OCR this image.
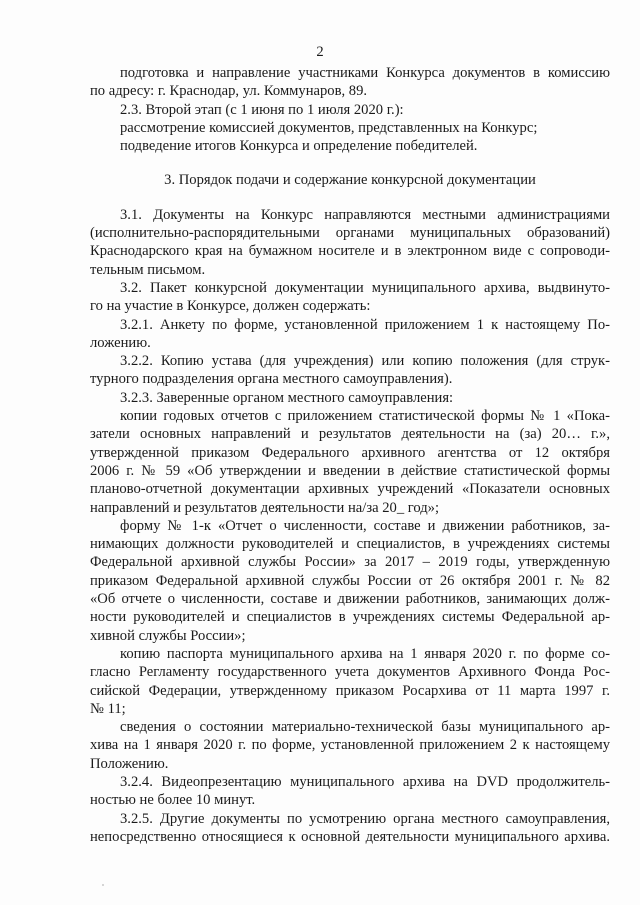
2
подготовка и направление участниками Конкурса документов в комиссию
по адресу: г. Краснодар, ул. Коммунаров, 89.
2.3. Второй этап (с 1 июня по 1 июля 2020 г.):
рассмотрение комиссией документов, представленных на Конкурс;
подведение итогов Конкурса и определение победителей.
3. Порядок подачи и содержание конкурсной документации
3.1. Документы на Конкурс направляются местными администрациями
(исполнительно-распорядительными органами муниципальных образований)
Краснодарского края на бумажном носителе и в электронном виде с сопроводи-
тельным письмом.
3.2. Пакет конкурсной документации муниципального архива, выдвинуто-
го на участие в Конкурсе, должен содержать:
3.2.1. Анкету по форме, установленной приложением 1 к настоящему По-
ложению.
3.2.2. Копию устава (для учреждения) или копию положения (для струк-
турного подразделения органа местного самоуправления).
3.2.3. Заверенные органом местного самоуправления:
копии годовых отчетов с приложением статистической формы № 1 «Пока-
затели основных направлений и результатов деятельности на (за) 20… г.»,
утвержденной приказом Федерального архивного агентства от 12 октября
2006 г. № 59 «Об утверждении и введении в действие статистической формы
планово-отчетной документации архивных учреждений «Показатели основных
направлений и результатов деятельности на/за 20_ год»;
форму № 1-к «Отчет о численности, составе и движении работников, за-
нимающих должности руководителей и специалистов, в учреждениях системы
Федеральной архивной службы России» за 2017 – 2019 годы, утвержденную
приказом Федеральной архивной службы России от 26 октября 2001 г. № 82
«Об отчете о численности, составе и движении работников, занимающих долж-
ности руководителей и специалистов в учреждениях системы Федеральной ар-
хивной службы России»;
копию паспорта муниципального архива на 1 января 2020 г. по форме со-
гласно Регламенту государственного учета документов Архивного Фонда Рос-
сийской Федерации, утвержденному приказом Росархива от 11 марта 1997 г.
№ 11;
сведения о состоянии материально-технической базы муниципального ар-
хива на 1 января 2020 г. по форме, установленной приложением 2 к настоящему
Положению.
3.2.4. Видеопрезентацию муниципального архива на DVD продолжитель-
ностью не более 10 минут.
3.2.5. Другие документы по усмотрению органа местного самоуправления,
непосредственно относящиеся к основной деятельности муниципального архива.
